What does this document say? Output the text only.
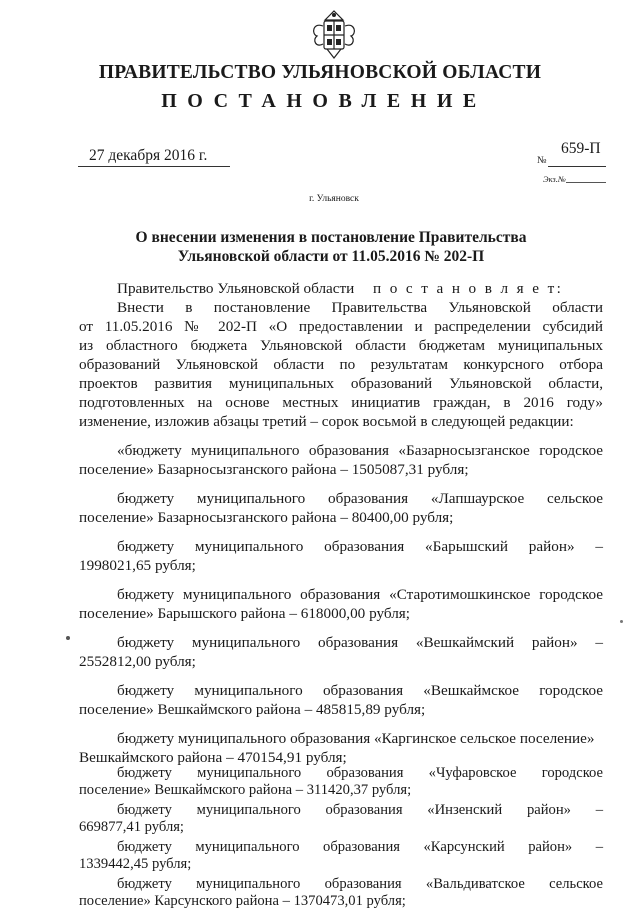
ПРАВИТЕЛЬСТВО УЛЬЯНОВСКОЙ ОБЛАСТИ
ПОСТАНОВЛЕНИЕ
27 декабря 2016 г.	659-П
№
Экз.№
г. Ульяновск
О внесении изменения в постановление Правительства
Ульяновской области от 11.05.2016 № 202-П
Правительство Ульяновской области п о с т а н о в л я е т:
Внести в постановление Правительства Ульяновской области
от 11.05.2016 № 202-П «О предоставлении и распределении субсидий
из областного бюджета Ульяновской области бюджетам муниципальных
образований Ульяновской области по результатам конкурсного отбора
проектов развития муниципальных образований Ульяновской области,
подготовленных на основе местных инициатив граждан, в 2016 году»
изменение, изложив абзацы третий – сорок восьмой в следующей редакции:
«бюджету муниципального образования «Базарносызганское городское
поселение» Базарносызганского района – 1505087,31 рубля;
бюджету муниципального образования «Лапшаурское сельское
поселение» Базарносызганского района – 80400,00 рубля;
бюджету муниципального образования «Барышский район» –
1998021,65 рубля;
бюджету муниципального образования «Старотимошкинское городское
поселение» Барышского района – 618000,00 рубля;
бюджету муниципального образования «Вешкаймский район» –
2552812,00 рубля;
бюджету муниципального образования «Вешкаймское городское
поселение» Вешкаймского района – 485815,89 рубля;
бюджету муниципального образования «Каргинское сельское поселение»
Вешкаймского района – 470154,91 рубля;
бюджету муниципального образования «Чуфаровское городское
поселение» Вешкаймского района – 311420,37 рубля;
бюджету муниципального образования «Инзенский район» –
669877,41 рубля;
бюджету муниципального образования «Карсунский район» –
1339442,45 рубля;
бюджету муниципального образования «Вальдиватское сельское
поселение» Карсунского района – 1370473,01 рубля;
